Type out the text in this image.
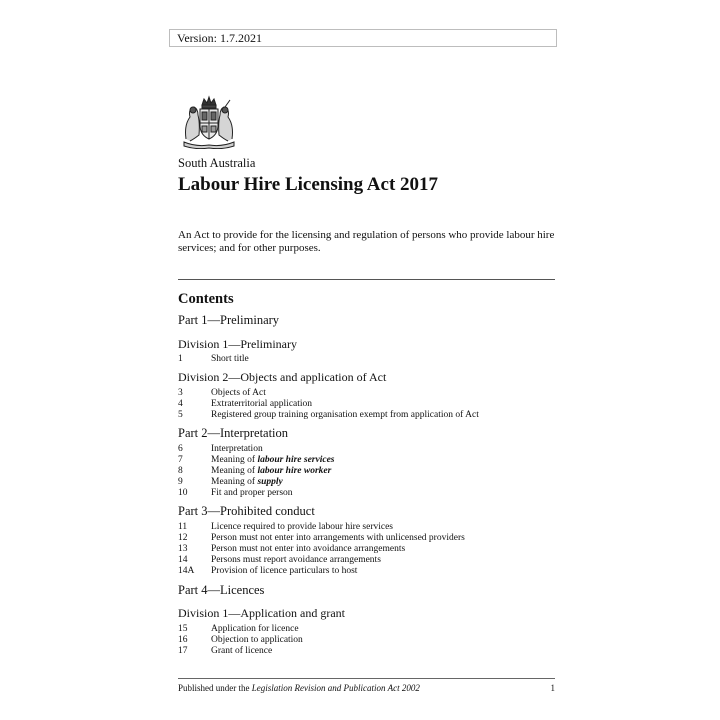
Version: 1.7.2021
South Australia
Labour Hire Licensing Act 2017

An Act to provide for the licensing and regulation of persons who provide labour hire services; and for other purposes.

Contents
Part 1—Preliminary
Division 1—Preliminary
1	Short title
Division 2—Objects and application of Act
3	Objects of Act
4	Extraterritorial application
5	Registered group training organisation exempt from application of Act
Part 2—Interpretation
6	Interpretation
7	Meaning of labour hire services
8	Meaning of labour hire worker
9	Meaning of supply
10 Fit and proper person
Part 3—Prohibited conduct
11	Licence required to provide labour hire services
12 Person must not enter into arrangements with unlicensed providers
13 Person must not enter into avoidance arrangements
14 Persons must report avoidance arrangements
14A Provision of licence particulars to host
Part 4—Licences
Division 1—Application and grant
15 Application for licence
16 Objection to application
17 Grant of licence
Published under the Legislation Revision and Publication Act 2002	1
